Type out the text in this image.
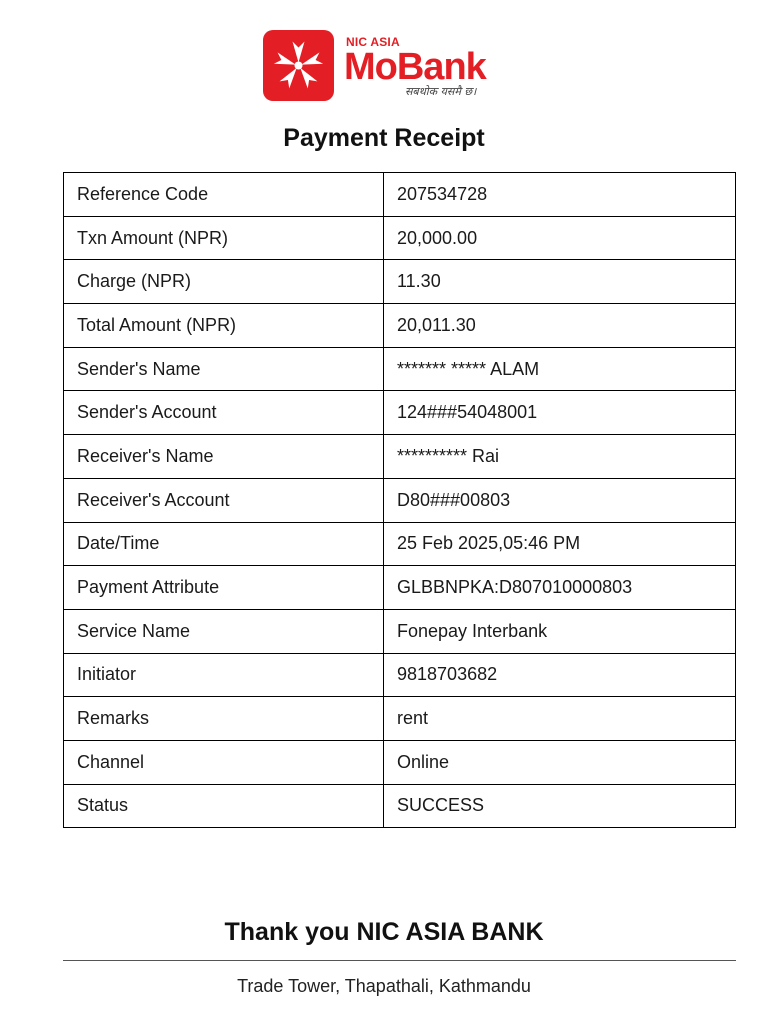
NIC ASIA
MoBank
सबथोक यसमै छ।
Payment Receipt
Reference Code	207534728
Txn Amount (NPR)	20,000.00
Charge (NPR)	11.30
Total Amount (NPR)	20,011.30
Sender's Name	******* ***** ALAM
Sender's Account	124###54048001
Receiver's Name	********** Rai
Receiver's Account	D80###00803
Date/Time	25 Feb 2025,05:46 PM
Payment Attribute	GLBBNPKA:D807010000803
Service Name	Fonepay Interbank
Initiator	9818703682
Remarks	rent
Channel	Online
Status	SUCCESS
Thank you NIC ASIA BANK
Trade Tower, Thapathali, Kathmandu
